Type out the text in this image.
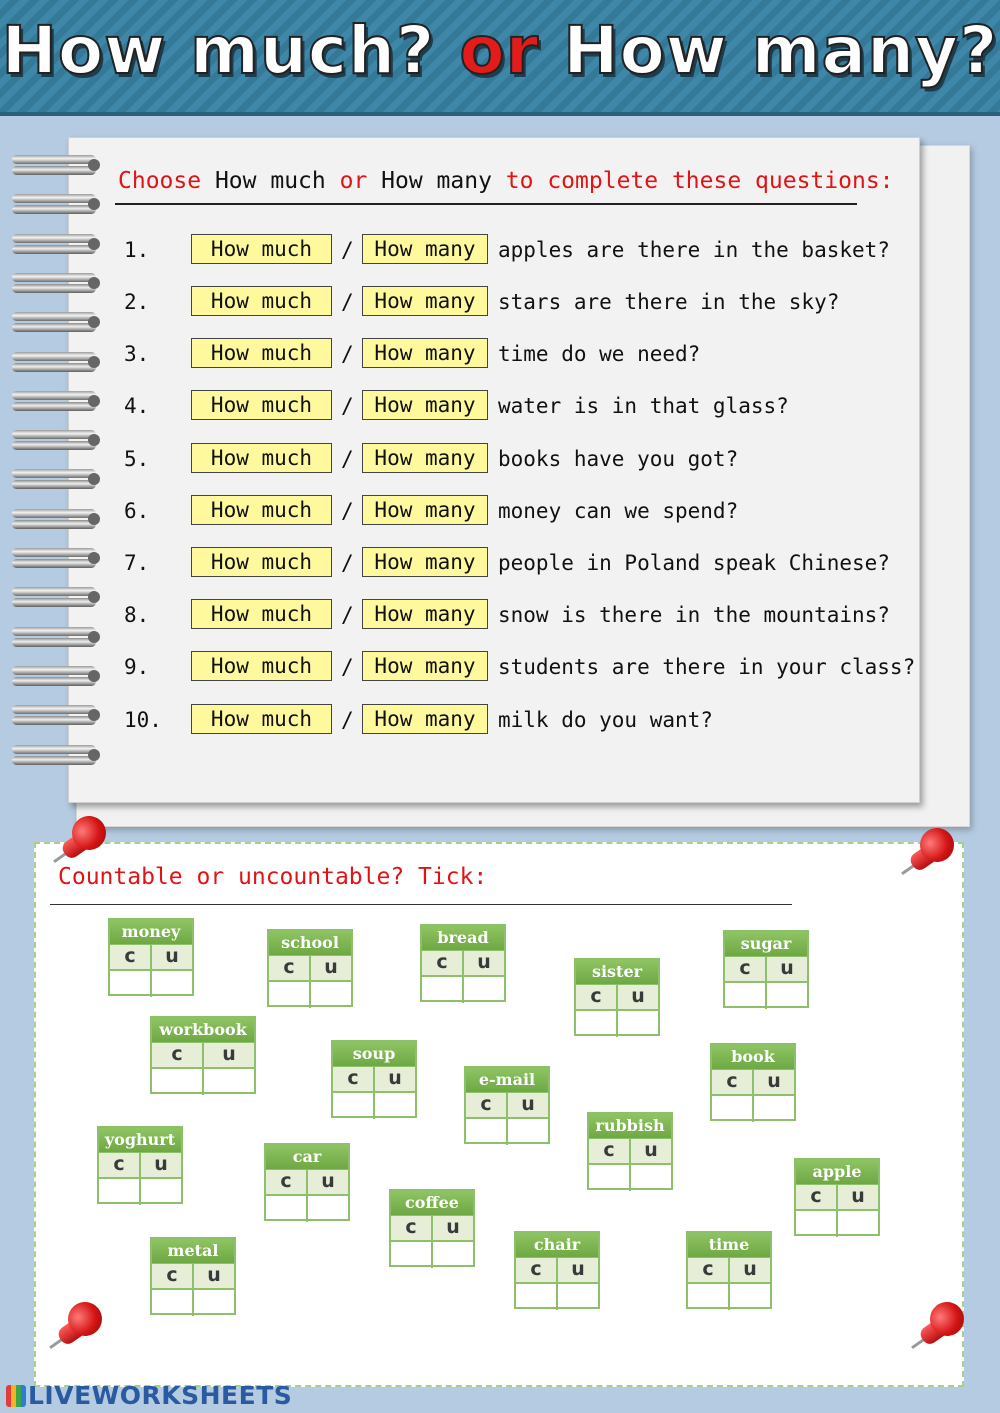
How much? or How many?
Choose How much or How many to complete these questions:
1.	How much	/ How many	apples are there in the basket?
2.	How much	/ How many	stars are there in the sky?
3.	How much	/ How many	time do we need?
4.	How much	/ How many	water is in that glass?
5.	How much	/ How many	books have you got?
6.	How much	/ How many	money can we spend?
7.	How much	/ How many	people in Poland speak Chinese?
8.	How much	/ How many	snow is there in the mountains?
9.	How much	/ How many	students are there in your class?
10.	How much	/ How many	milk do you want?
Countable or uncountable? Tick:
money
c	u
school
c	u
bread
c	u	sister
c	u
sugar
c	u
workbook
c	u	soup
c	u	e-mail
c	u
book
c	u
rubbish
c	u
yoghurt
c	u	car
c	u
coffee
c	u
apple
c	u
metal
c	u
chair
c	u
time
c	u
LIVEWORKSHEETS
